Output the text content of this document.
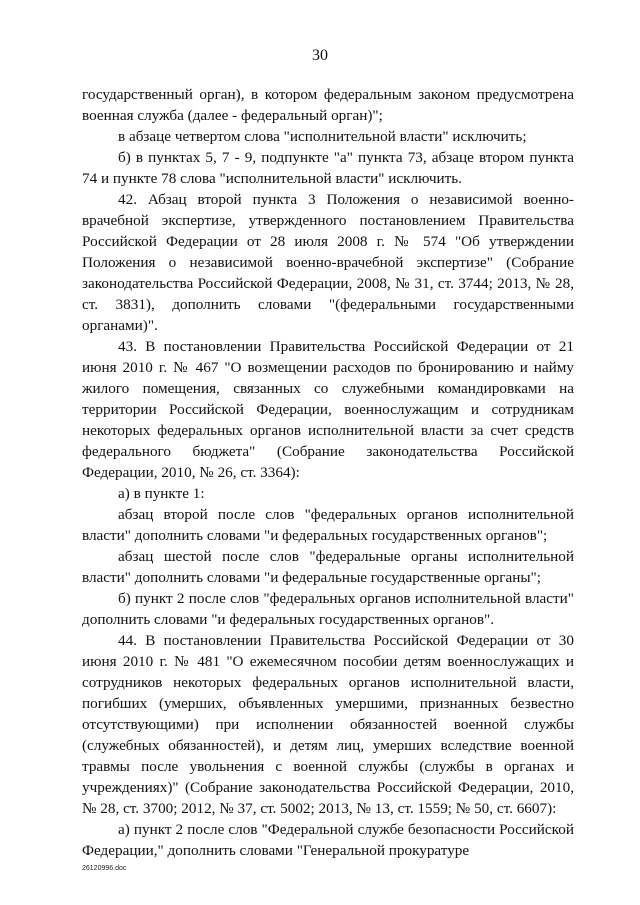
30

государственный орган), в котором федеральным законом предусмотрена военная служба (далее - федеральный орган)";

в абзаце четвертом слова "исполнительной власти" исключить;

б) в пунктах 5, 7 - 9, подпункте "а" пункта 73, абзаце втором пункта 74 и пункте 78 слова "исполнительной власти" исключить.

42. Абзац второй пункта 3 Положения о независимой военно-врачебной экспертизе, утвержденного постановлением Правительства Российской Федерации от 28 июля 2008 г. № 574 "Об утверждении Положения о независимой военно-врачебной экспертизе" (Собрание законодательства Российской Федерации, 2008, № 31, ст. 3744; 2013, № 28, ст. 3831), дополнить словами "(федеральными государственными органами)".

43. В постановлении Правительства Российской Федерации от 21 июня 2010 г. № 467 "О возмещении расходов по бронированию и найму жилого помещения, связанных со служебными командировками на территории Российской Федерации, военнослужащим и сотрудникам некоторых федеральных органов исполнительной власти за счет средств федерального бюджета" (Собрание законодательства Российской Федерации, 2010, № 26, ст. 3364):

а) в пункте 1:

абзац второй после слов "федеральных органов исполнительной власти" дополнить словами "и федеральных государственных органов";

абзац шестой после слов "федеральные органы исполнительной власти" дополнить словами "и федеральные государственные органы";

б) пункт 2 после слов "федеральных органов исполнительной власти" дополнить словами "и федеральных государственных органов".

44. В постановлении Правительства Российской Федерации от 30 июня 2010 г. № 481 "О ежемесячном пособии детям военнослужащих и сотрудников некоторых федеральных органов исполнительной власти, погибших (умерших, объявленных умершими, признанных безвестно отсутствующими) при исполнении обязанностей военной службы (служебных обязанностей), и детям лиц, умерших вследствие военной травмы после увольнения с военной службы (службы в органах и учреждениях)" (Собрание законодательства Российской Федерации, 2010, № 28, ст. 3700; 2012, № 37, ст. 5002; 2013, № 13, ст. 1559; № 50, ст. 6607):

а) пункт 2 после слов "Федеральной службе безопасности Российской Федерации," дополнить словами "Генеральной прокуратуре

26120996.doc
